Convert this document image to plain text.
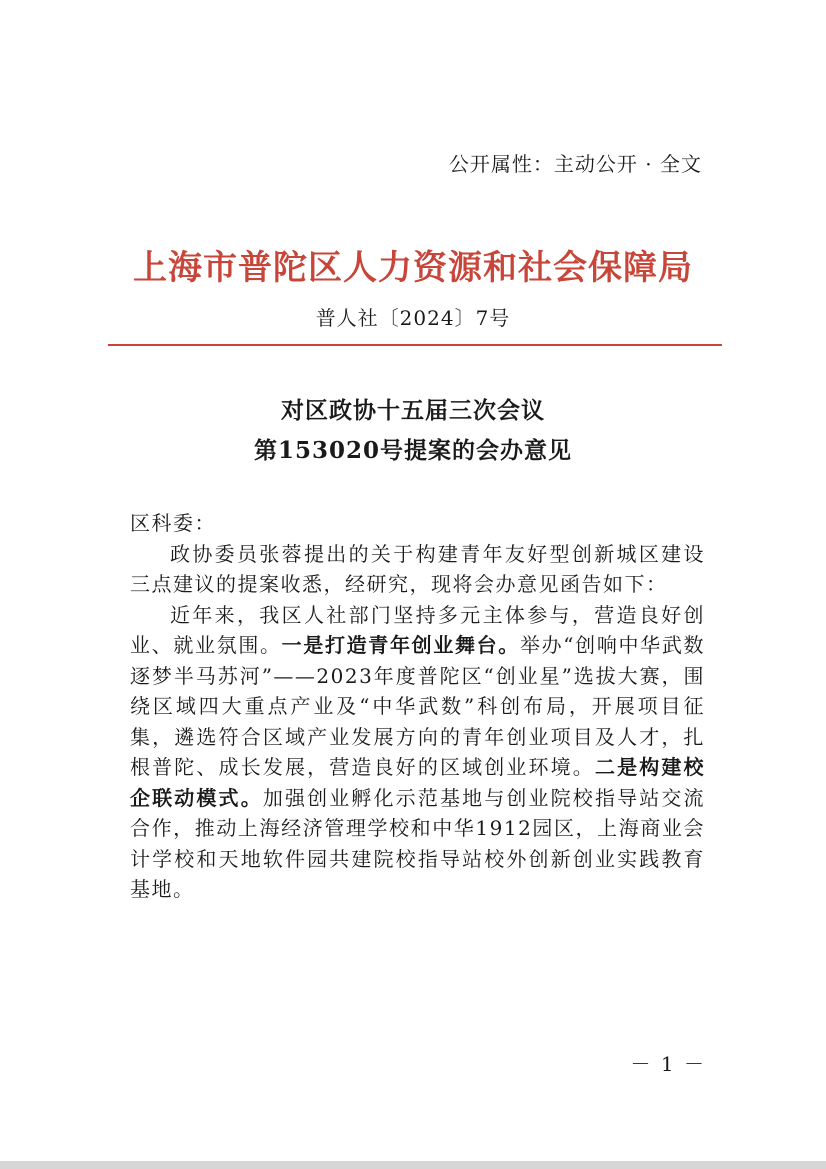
公开属性：主动公开 · 全文
上海市普陀区人力资源和社会保障局
普人社〔2024〕7号
对区政协十五届三次会议
第153020号提案的会办意见

区科委：

政协委员张蓉提出的关于构建青年友好型创新城区建设三点建议的提案收悉，经研究，现将会办意见函告如下：

近年来，我区人社部门坚持多元主体参与，营造良好创业、就业氛围。一是打造青年创业舞台。举办“创响中华武数 逐梦半马苏河”——2023年度普陀区“创业星”选拔大赛，围绕区域四大重点产业及“中华武数”科创布局，开展项目征集，遴选符合区域产业发展方向的青年创业项目及人才，扎根普陀、成长发展，营造良好的区域创业环境。二是构建校企联动模式。加强创业孵化示范基地与创业院校指导站交流合作，推动上海经济管理学校和中华1912园区，上海商业会计学校和天地软件园共建院校指导站校外创新创业实践教育基地。

－ 1 －
